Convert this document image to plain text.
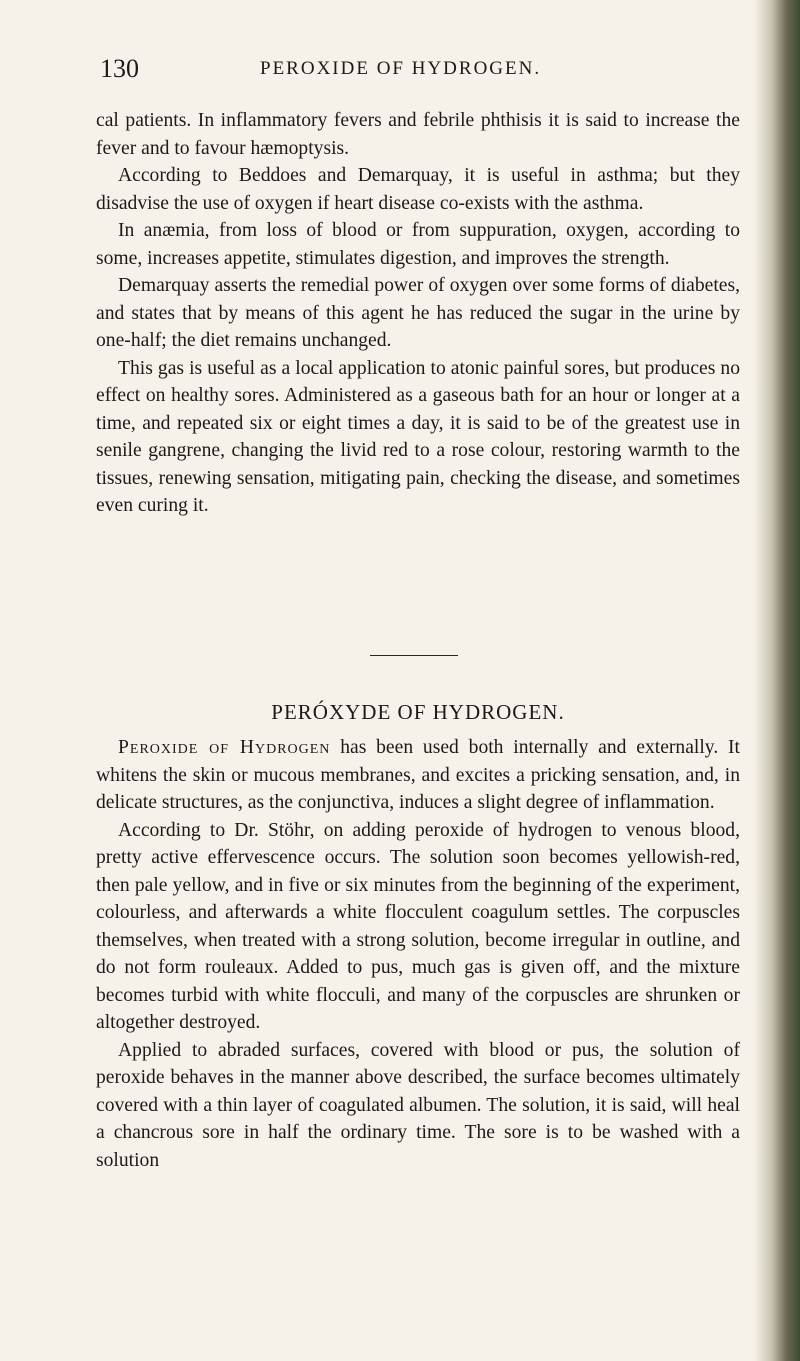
130	PEROXIDE OF HYDROGEN.

cal patients. In inflammatory fevers and febrile phthisis it is said to increase the fever and to favour hæmoptysis.

According to Beddoes and Demarquay, it is useful in asthma; but they disadvise the use of oxygen if heart disease co-exists with the asthma.

In anæmia, from loss of blood or from suppuration, oxygen, according to some, increases appetite, stimulates digestion, and improves the strength.

Demarquay asserts the remedial power of oxygen over some forms of diabetes, and states that by means of this agent he has reduced the sugar in the urine by one-half; the diet remains unchanged.

This gas is useful as a local application to atonic painful sores, but produces no effect on healthy sores. Administered as a gaseous bath for an hour or longer at a time, and repeated six or eight times a day, it is said to be of the greatest use in senile gangrene, changing the livid red to a rose colour, restoring warmth to the tissues, renewing sensation, mitigating pain, checking the disease, and sometimes even curing it.

PERÓXYDE OF HYDROGEN.

Peroxide of Hydrogen has been used both internally and externally. It whitens the skin or mucous membranes, and excites a pricking sensation, and, in delicate structures, as the conjunctiva, induces a slight degree of inflammation.

According to Dr. Stöhr, on adding peroxide of hydrogen to venous blood, pretty active effervescence occurs. The solution soon becomes yellowish-red, then pale yellow, and in five or six minutes from the beginning of the experiment, colourless, and afterwards a white flocculent coagulum settles. The corpuscles themselves, when treated with a strong solution, become irregular in outline, and do not form rouleaux. Added to pus, much gas is given off, and the mixture becomes turbid with white flocculi, and many of the corpuscles are shrunken or altogether destroyed.

Applied to abraded surfaces, covered with blood or pus, the solution of peroxide behaves in the manner above described, the surface becomes ultimately covered with a thin layer of coagulated albumen. The solution, it is said, will heal a chancrous sore in half the ordinary time. The sore is to be washed with a solution
